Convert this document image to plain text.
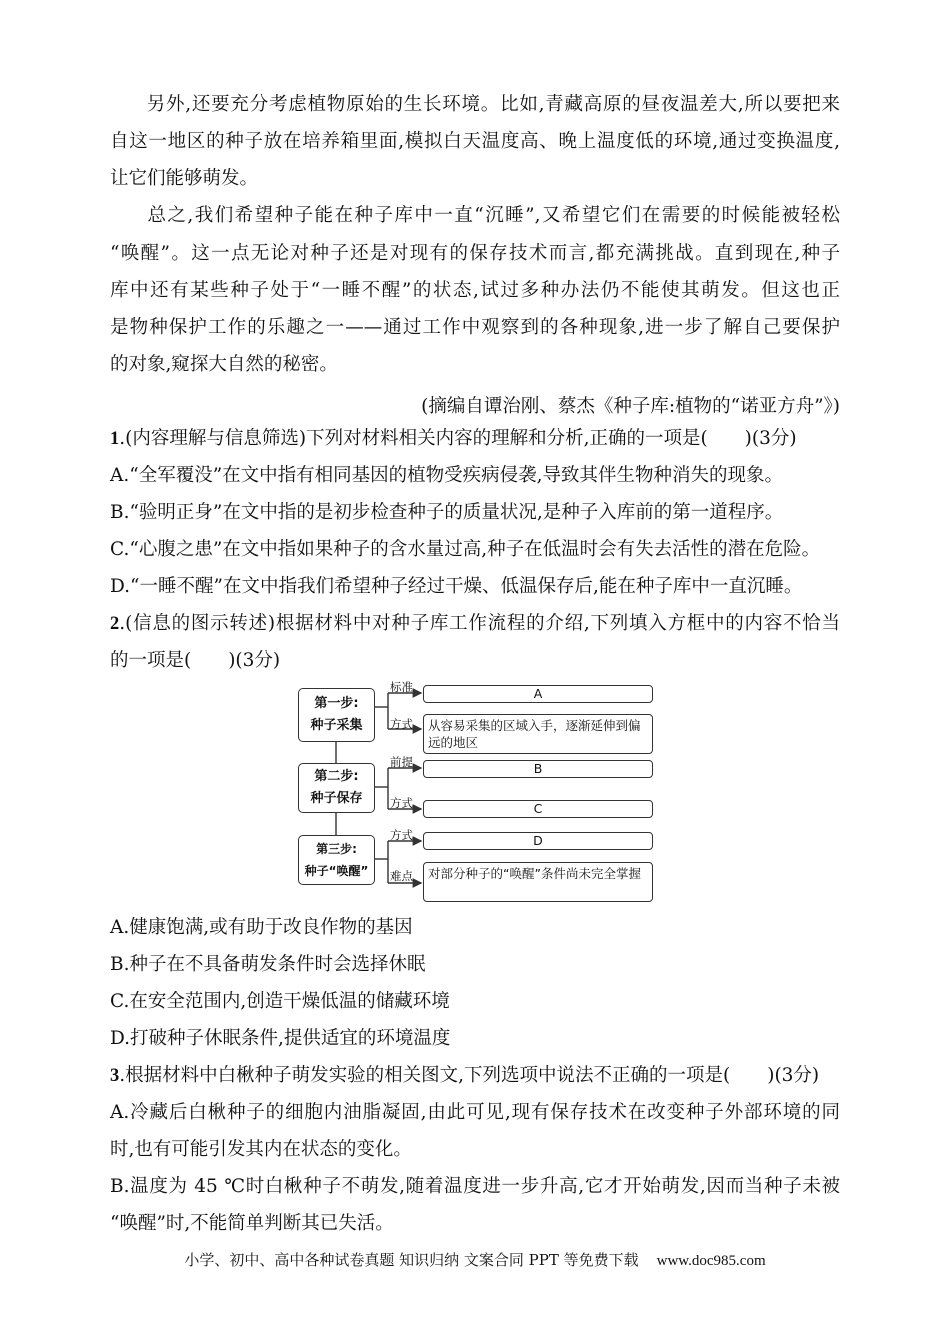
另外,还要充分考虑植物原始的生长环境。比如,青藏高原的昼夜温差大,所以要把来
自这一地区的种子放在培养箱里面,模拟白天温度高、晚上温度低的环境,通过变换温度,
让它们能够萌发。
总之,我们希望种子能在种子库中一直“沉睡”,又希望它们在需要的时候能被轻松
“唤醒”。这一点无论对种子还是对现有的保存技术而言,都充满挑战。直到现在,种子
库中还有某些种子处于“一睡不醒”的状态,试过多种办法仍不能使其萌发。但这也正
是物种保护工作的乐趣之一——通过工作中观察到的各种现象,进一步了解自己要保护
的对象,窥探大自然的秘密。
(摘编自谭治刚、蔡杰《种子库:植物的“诺亚方舟”》)
1.(内容理解与信息筛选)下列对材料相关内容的理解和分析,正确的一项是(　　)(3分)
A.“全军覆没”在文中指有相同基因的植物受疾病侵袭,导致其伴生物种消失的现象。
B.“验明正身”在文中指的是初步检查种子的质量状况,是种子入库前的第一道程序。
C.“心腹之患”在文中指如果种子的含水量过高,种子在低温时会有失去活性的潜在危险。
D.“一睡不醒”在文中指我们希望种子经过干燥、低温保存后,能在种子库中一直沉睡。
2.(信息的图示转述)根据材料中对种子库工作流程的介绍,下列填入方框中的内容不恰当
的一项是(　　)(3分)
第一步:
种子采集
第二步:
种子保存
第三步:
种子“唤醒”
标准
方式
前提
方式
方式
难点
A
从容易采集的区域入手，逐渐延伸到偏远的地区
B
C
D
对部分种子的“唤醒”条件尚未完全掌握
A.健康饱满,或有助于改良作物的基因
B.种子在不具备萌发条件时会选择休眠
C.在安全范围内,创造干燥低温的储藏环境
D.打破种子休眠条件,提供适宜的环境温度
3.根据材料中白楸种子萌发实验的相关图文,下列选项中说法不正确的一项是(　　)(3分)
A.冷藏后白楸种子的细胞内油脂凝固,由此可见,现有保存技术在改变种子外部环境的同
时,也有可能引发其内在状态的变化。
B.温度为 45 ℃时白楸种子不萌发,随着温度进一步升高,它才开始萌发,因而当种子未被
“唤醒”时,不能简单判断其已失活。
小学、初中、高中各种试卷真题 知识归纳 文案合同 PPT 等免费下载 www.doc985.com
